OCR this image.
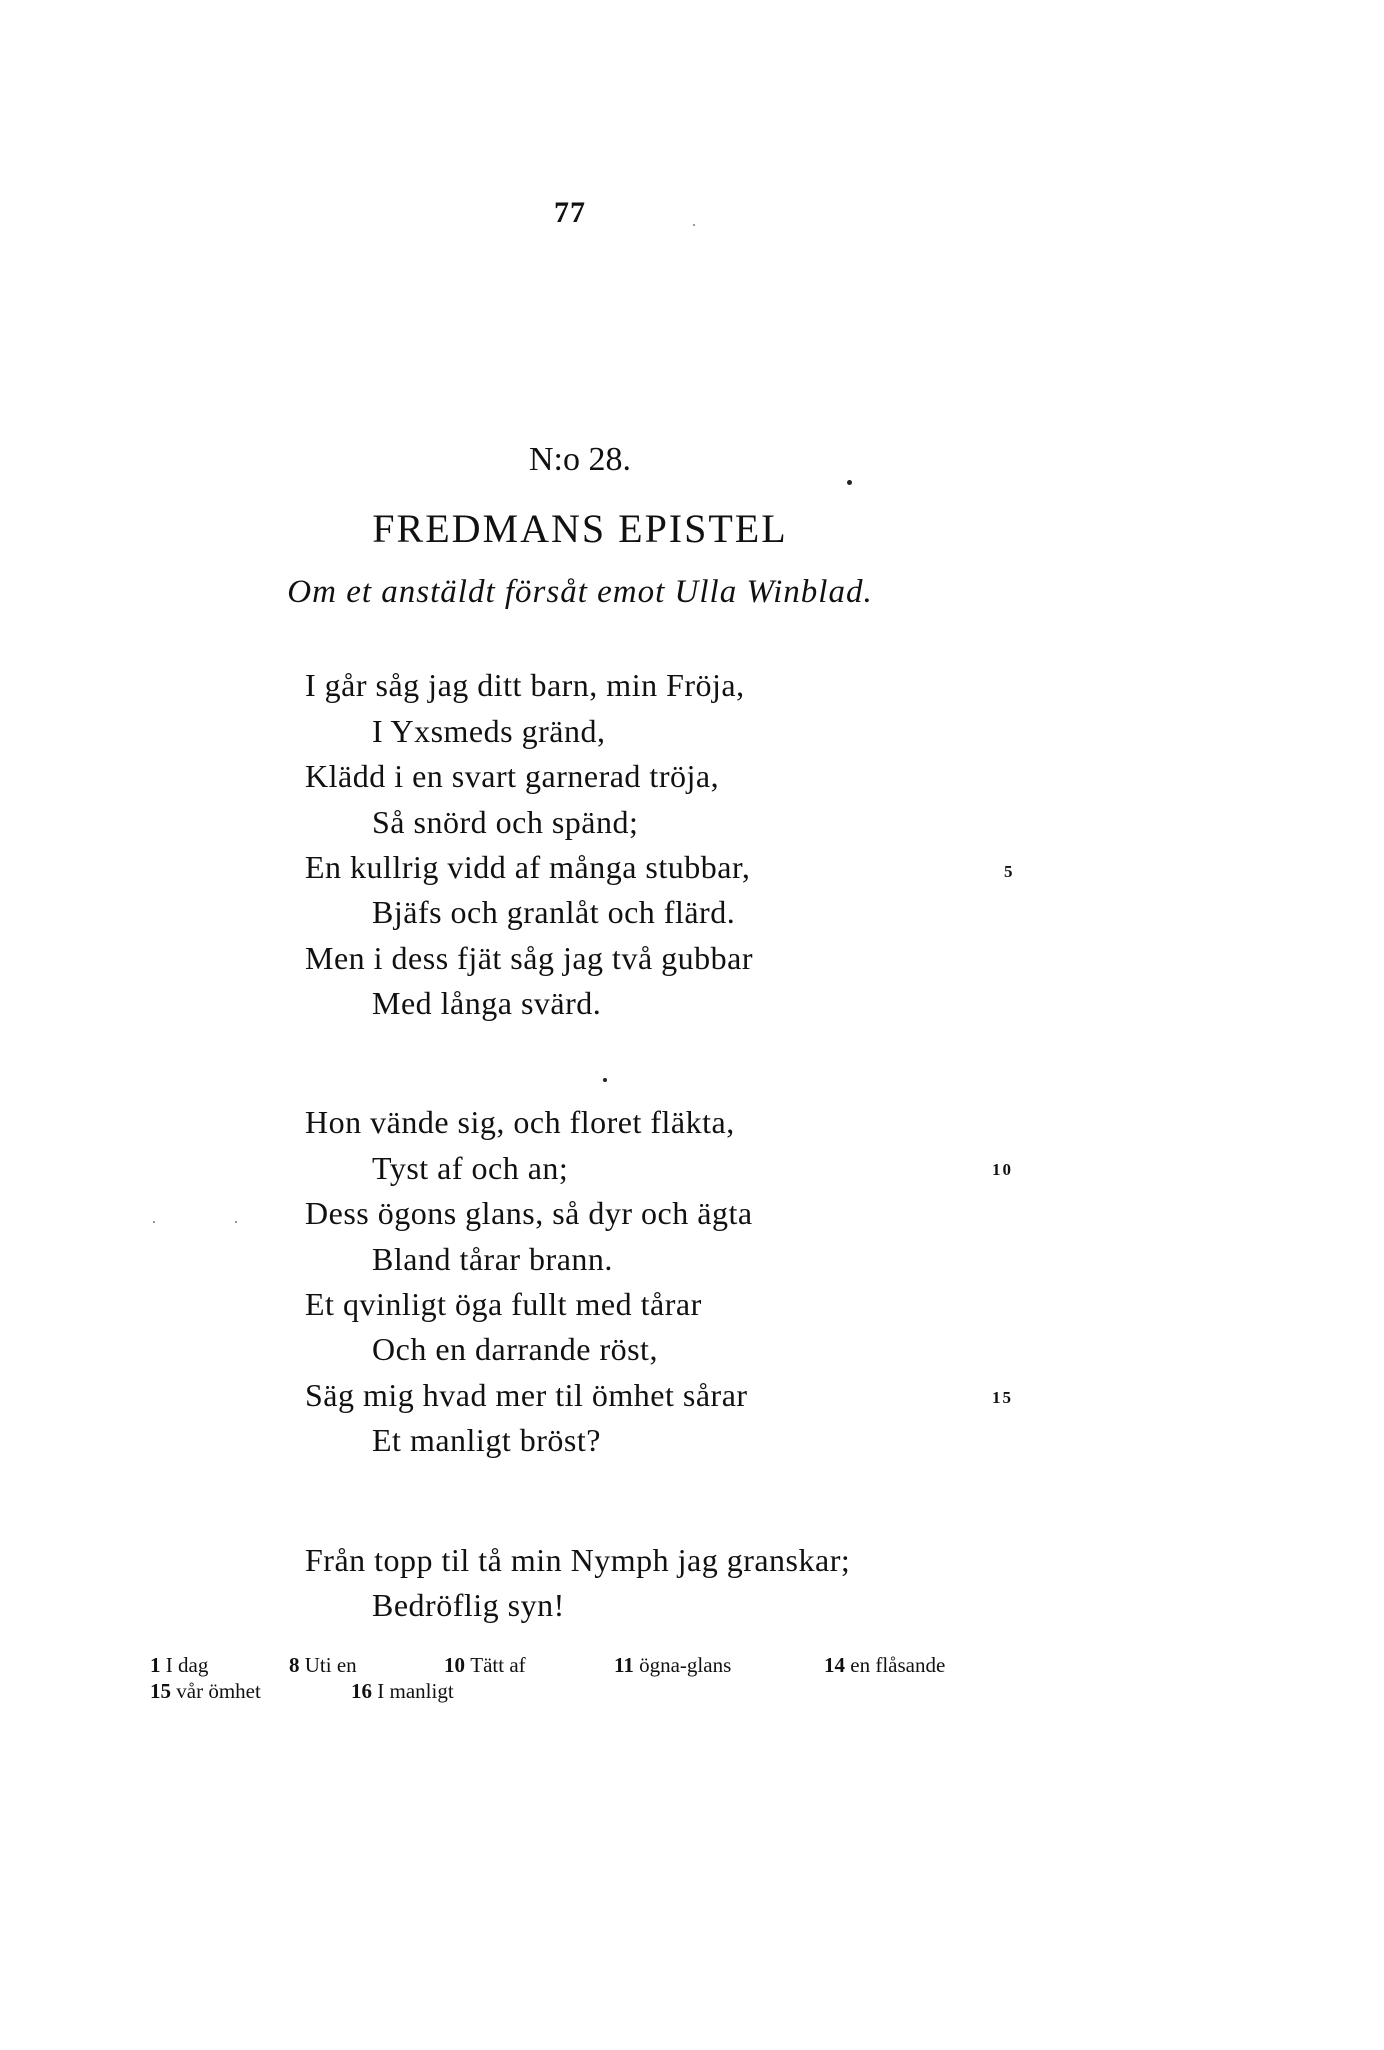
77
N:o 28.
FREDMANS EPISTEL
Om et anstäldt försåt emot Ulla Winblad.
I går såg jag ditt barn, min Fröja,
I Yxsmeds gränd,
Klädd i en svart garnerad tröja,
Så snörd och spänd;
En kullrig vidd af många stubbar,
Bjäfs och granlåt och flärd.
Men i dess fjät såg jag två gubbar
Med långa svärd.
Hon vände sig, och floret fläkta,
Tyst af och an;
Dess ögons glans, så dyr och ägta
Bland tårar brann.
Et qvinligt öga fullt med tårar
Och en darrande röst,
Säg mig hvad mer til ömhet sårar
Et manligt bröst?
Från topp til tå min Nymph jag granskar;
Bedröflig syn!
5
10
15
1 I dag	8 Uti en	10 Tätt af	11 ögna-glans	14 en flåsande
15 vår ömhet	16 I manligt
